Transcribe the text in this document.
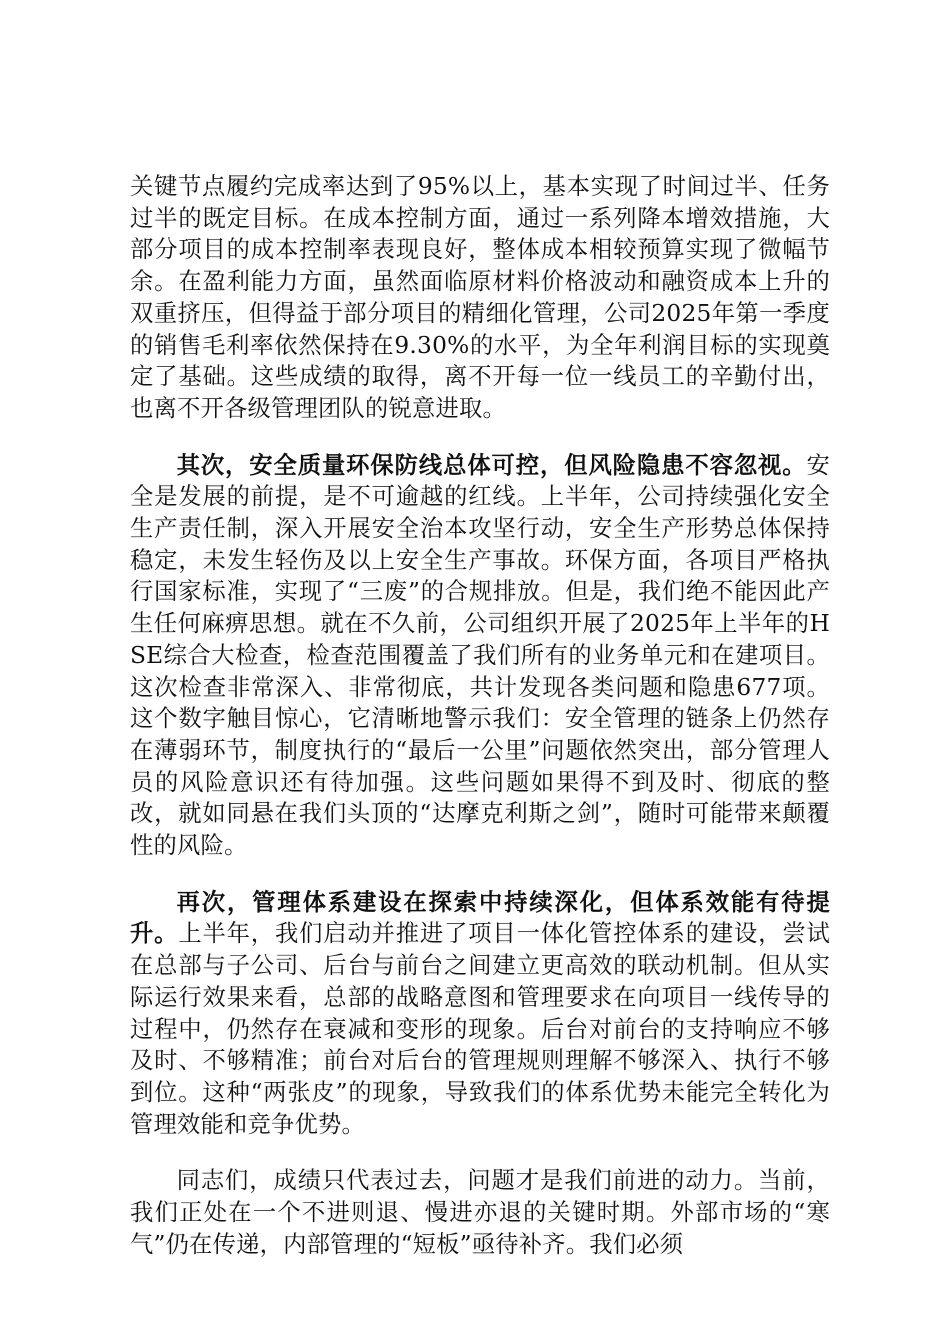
关键节点履约完成率达到了95%以上，基本实现了时间过半、任务过半的既定目标。在成本控制方面，通过一系列降本增效措施，大部分项目的成本控制率表现良好，整体成本相较预算实现了微幅节余。在盈利能力方面，虽然面临原材料价格波动和融资成本上升的双重挤压，但得益于部分项目的精细化管理，公司2025年第一季度的销售毛利率依然保持在9.30%的水平，为全年利润目标的实现奠定了基础。这些成绩的取得，离不开每一位一线员工的辛勤付出，也离不开各级管理团队的锐意进取。

其次，安全质量环保防线总体可控，但风险隐患不容忽视。安全是发展的前提，是不可逾越的红线。上半年，公司持续强化安全生产责任制，深入开展安全治本攻坚行动，安全生产形势总体保持稳定，未发生轻伤及以上安全生产事故。环保方面，各项目严格执行国家标准，实现了“三废”的合规排放。但是，我们绝不能因此产生任何麻痹思想。就在不久前，公司组织开展了2025年上半年的HSE综合大检查，检查范围覆盖了我们所有的业务单元和在建项目。这次检查非常深入、非常彻底，共计发现各类问题和隐患677项。这个数字触目惊心，它清晰地警示我们：安全管理的链条上仍然存在薄弱环节，制度执行的“最后一公里”问题依然突出，部分管理人员的风险意识还有待加强。这些问题如果得不到及时、彻底的整改，就如同悬在我们头顶的“达摩克利斯之剑”，随时可能带来颠覆性的风险。

再次，管理体系建设在探索中持续深化，但体系效能有待提升。上半年，我们启动并推进了项目一体化管控体系的建设，尝试在总部与子公司、后台与前台之间建立更高效的联动机制。但从实际运行效果来看，总部的战略意图和管理要求在向项目一线传导的过程中，仍然存在衰减和变形的现象。后台对前台的支持响应不够及时、不够精准；前台对后台的管理规则理解不够深入、执行不够到位。这种“两张皮”的现象，导致我们的体系优势未能完全转化为管理效能和竞争优势。

同志们，成绩只代表过去，问题才是我们前进的动力。当前，我们正处在一个不进则退、慢进亦退的关键时期。外部市场的“寒气”仍在传递，内部管理的“短板”亟待补齐。我们必须
